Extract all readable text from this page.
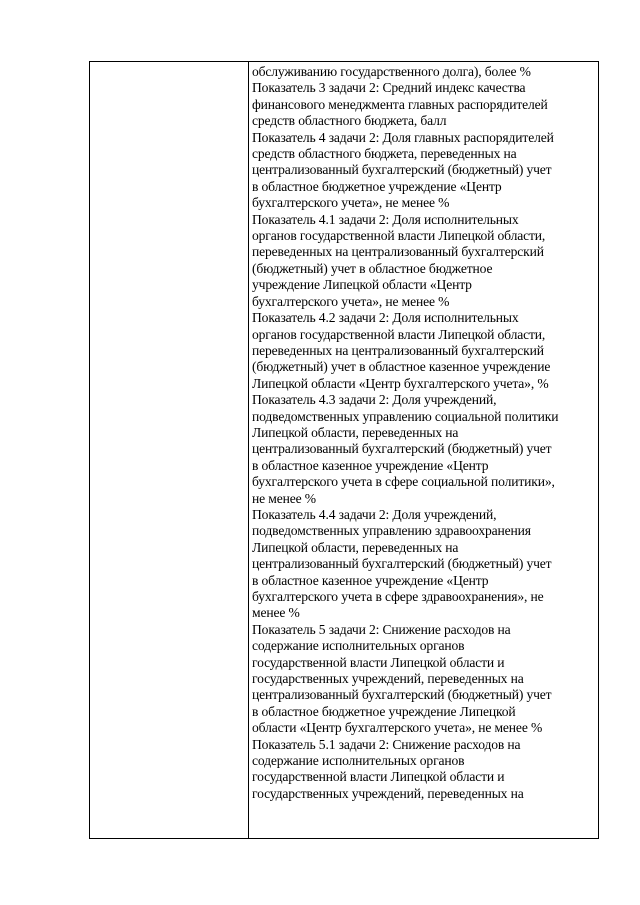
обслуживанию государственного долга), более %
Показатель 3 задачи 2: Средний индекс качества
финансового менеджмента главных распорядителей
средств областного бюджета, балл
Показатель 4 задачи 2: Доля главных распорядителей
средств областного бюджета, переведенных на
централизованный бухгалтерский (бюджетный) учет
в областное бюджетное учреждение «Центр
бухгалтерского учета», не менее %
Показатель 4.1 задачи 2: Доля исполнительных
органов государственной власти Липецкой области,
переведенных на централизованный бухгалтерский
(бюджетный) учет в областное бюджетное
учреждение Липецкой области «Центр
бухгалтерского учета», не менее %
Показатель 4.2 задачи 2: Доля исполнительных
органов государственной власти Липецкой области,
переведенных на централизованный бухгалтерский
(бюджетный) учет в областное казенное учреждение
Липецкой области «Центр бухгалтерского учета», %
Показатель 4.3 задачи 2: Доля учреждений,
подведомственных управлению социальной политики
Липецкой области, переведенных на
централизованный бухгалтерский (бюджетный) учет
в областное казенное учреждение «Центр
бухгалтерского учета в сфере социальной политики»,
не менее %
Показатель 4.4 задачи 2: Доля учреждений,
подведомственных управлению здравоохранения
Липецкой области, переведенных на
централизованный бухгалтерский (бюджетный) учет
в областное казенное учреждение «Центр
бухгалтерского учета в сфере здравоохранения», не
менее %
Показатель 5 задачи 2: Снижение расходов на
содержание исполнительных органов
государственной власти Липецкой области и
государственных учреждений, переведенных на
централизованный бухгалтерский (бюджетный) учет
в областное бюджетное учреждение Липецкой
области «Центр бухгалтерского учета», не менее %
Показатель 5.1 задачи 2: Снижение расходов на
содержание исполнительных органов
государственной власти Липецкой области и
государственных учреждений, переведенных на
